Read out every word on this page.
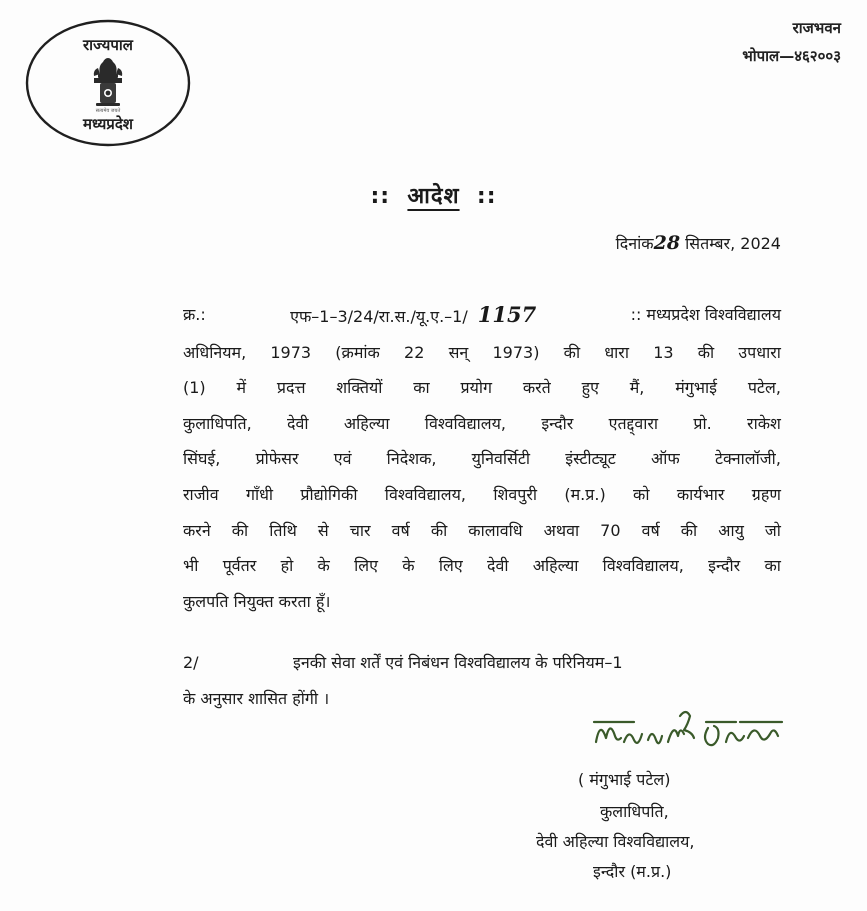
राज्यपाल
सत्यमेव जयते
मध्यप्रदेश
राजभवन
भोपाल—४६२००३
:: आदेश ::
दिनांक28 सितम्बर, 2024
क्र.:	एफ–1–3/24/रा.स./यू.ए.–1/ 1157	:: मध्यप्रदेश विश्वविद्यालय
अधिनियम, 1973 (क्रमांक 22 सन् 1973) की धारा 13 की उपधारा
(1) में प्रदत्त शक्तियों का प्रयोग करते हुए मैं, मंगुभाई पटेल,
कुलाधिपति, देवी अहिल्या विश्वविद्यालय, इन्दौर एतद्द्वारा प्रो. राकेश
सिंघई, प्रोफेसर एवं निदेशक, युनिवर्सिटी इंस्टीट्यूट ऑफ टेक्नालॉजी,
राजीव गाँधी प्रौद्योगिकी विश्वविद्यालय, शिवपुरी (म.प्र.) को कार्यभार ग्रहण
करने की तिथि से चार वर्ष की कालावधि अथवा 70 वर्ष की आयु जो
भी पूर्वतर हो के लिए के लिए देवी अहिल्या विश्वविद्यालय, इन्दौर का
कुलपति नियुक्त करता हूँ।
2/	इनकी सेवा शर्तें एवं निबंधन विश्वविद्यालय के परिनियम–1
के अनुसार शासित होंगी ।
( मंगुभाई पटेल)
कुलाधिपति,
देवी अहिल्या विश्वविद्यालय,
इन्दौर (म.प्र.)
